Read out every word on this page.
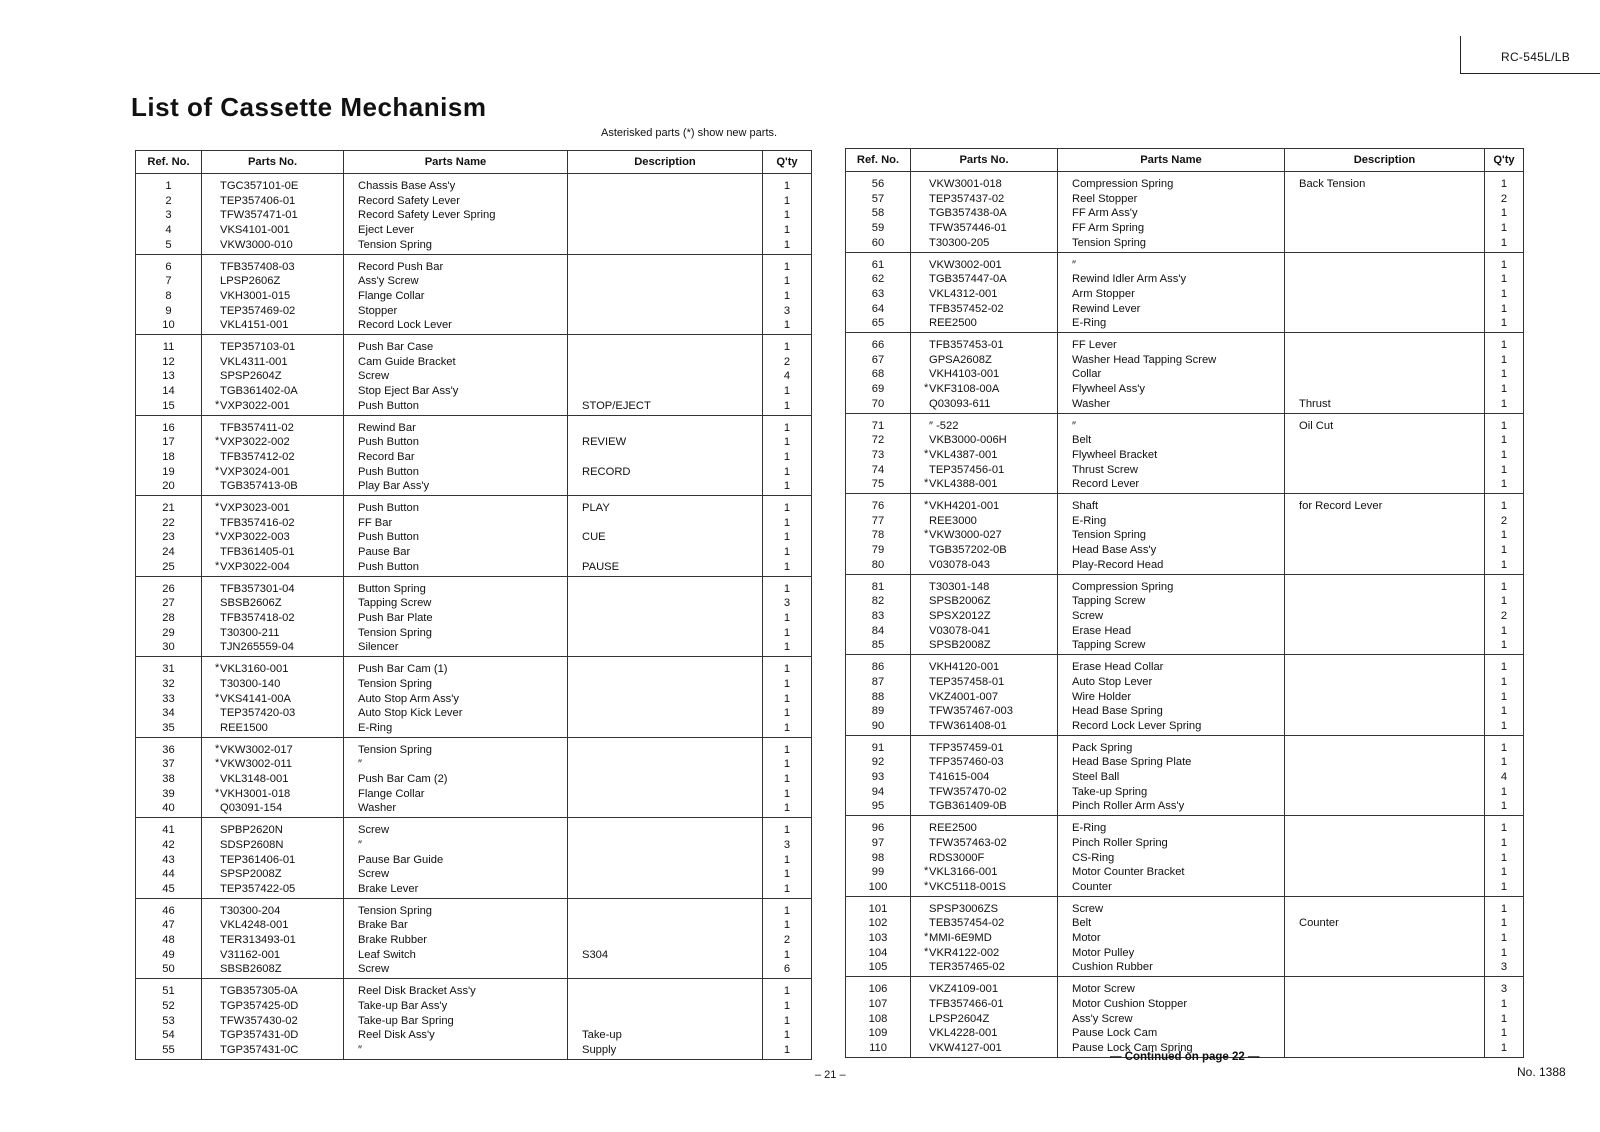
RC-545L/LB
List of Cassette Mechanism
Asterisked parts (*) show new parts.
Ref. No.	Parts No.	Parts Name	Description	Q'ty
1	TGC357101-0E	Chassis Base Ass'y		1
2	TEP357406-01	Record Safety Lever		1
3	TFW357471-01	Record Safety Lever Spring		1
4	VKS4101-001	Eject Lever		1
5	VKW3000-010	Tension Spring		1
6	TFB357408-03	Record Push Bar		1
7	LPSP2606Z	Ass'y Screw		1
8	VKH3001-015	Flange Collar		1
9	TEP357469-02	Stopper		3
10	VKL4151-001	Record Lock Lever		1
11	TEP357103-01	Push Bar Case		1
12	VKL4311-001	Cam Guide Bracket		2
13	SPSP2604Z	Screw		4
14	TGB361402-0A	Stop Eject Bar Ass'y		1
15	* VXP3022-001	Push Button	STOP/EJECT	1
16	TFB357411-02	Rewind Bar		1
17	* VXP3022-002	Push Button	REVIEW	1
18	TFB357412-02	Record Bar		1
19	* VXP3024-001	Push Button	RECORD	1
20	TGB357413-0B	Play Bar Ass'y		1
21	* VXP3023-001	Push Button	PLAY	1
22	TFB357416-02	FF Bar		1
23	* VXP3022-003	Push Button	CUE	1
24	TFB361405-01	Pause Bar		1
25	* VXP3022-004	Push Button	PAUSE	1
26	TFB357301-04	Button Spring		1
27	SBSB2606Z	Tapping Screw		3
28	TFB357418-02	Push Bar Plate		1
29	T30300-211	Tension Spring		1
30	TJN265559-04	Silencer		1
31	* VKL3160-001	Push Bar Cam (1)		1
32	T30300-140	Tension Spring		1
33	* VKS4141-00A	Auto Stop Arm Ass'y		1
34	TEP357420-03	Auto Stop Kick Lever		1
35	REE1500	E-Ring		1
36	* VKW3002-017	Tension Spring		1
37	* VKW3002-011	″		1
38	VKL3148-001	Push Bar Cam (2)		1
39	* VKH3001-018	Flange Collar		1
40	Q03091-154	Washer		1
41	SPBP2620N	Screw		1
42	SDSP2608N	″		3
43	TEP361406-01	Pause Bar Guide		1
44	SPSP2008Z	Screw		1
45	TEP357422-05	Brake Lever		1
46	T30300-204	Tension Spring		1
47	VKL4248-001	Brake Bar		1
48	TER313493-01	Brake Rubber		2
49	V31162-001	Leaf Switch	S304	1
50	SBSB2608Z	Screw		6
51	TGB357305-0A	Reel Disk Bracket Ass'y		1
52	TGP357425-0D	Take-up Bar Ass'y		1
53	TFW357430-02	Take-up Bar Spring		1
54	TGP357431-0D	Reel Disk Ass'y	Take-up	1
55	TGP357431-0C	″	Supply	1
Ref. No.	Parts No.	Parts Name	Description	Q'ty
56	VKW3001-018	Compression Spring	Back Tension	1
57	TEP357437-02	Reel Stopper		2
58	TGB357438-0A	FF Arm Ass'y		1
59	TFW357446-01	FF Arm Spring		1
60	T30300-205	Tension Spring		1
61	VKW3002-001	″		1
62	TGB357447-0A	Rewind Idler Arm Ass'y		1
63	VKL4312-001	Arm Stopper		1
64	TFB357452-02	Rewind Lever		1
65	REE2500	E-Ring		1
66	TFB357453-01	FF Lever		1
67	GPSA2608Z	Washer Head Tapping Screw		1
68	VKH4103-001	Collar		1
69	* VKF3108-00A	Flywheel Ass'y		1
70	Q03093-611	Washer	Thrust	1
71	″ -522	″	Oil Cut	1
72	VKB3000-006H	Belt		1
73	* VKL4387-001	Flywheel Bracket		1
74	TEP357456-01	Thrust Screw		1
75	* VKL4388-001	Record Lever		1
76	* VKH4201-001	Shaft	for Record Lever	1
77	REE3000	E-Ring		2
78	* VKW3000-027	Tension Spring		1
79	TGB357202-0B	Head Base Ass'y		1
80	V03078-043	Play-Record Head		1
81	T30301-148	Compression Spring		1
82	SPSB2006Z	Tapping Screw		1
83	SPSX2012Z	Screw		2
84	V03078-041	Erase Head		1
85	SPSB2008Z	Tapping Screw		1
86	VKH4120-001	Erase Head Collar		1
87	TEP357458-01	Auto Stop Lever		1
88	VKZ4001-007	Wire Holder		1
89	TFW357467-003	Head Base Spring		1
90	TFW361408-01	Record Lock Lever Spring		1
91	TFP357459-01	Pack Spring		1
92	TFP357460-03	Head Base Spring Plate		1
93	T41615-004	Steel Ball		4
94	TFW357470-02	Take-up Spring		1
95	TGB361409-0B	Pinch Roller Arm Ass'y		1
96	REE2500	E-Ring		1
97	TFW357463-02	Pinch Roller Spring		1
98	RDS3000F	CS-Ring		1
99	* VKL3166-001	Motor Counter Bracket		1
100	* VKC5118-001S	Counter		1
101	SPSP3006ZS	Screw		1
102	TEB357454-02	Belt	Counter	1
103	* MMI-6E9MD	Motor		1
104	* VKR4122-002	Motor Pulley		1
105	TER357465-02	Cushion Rubber		3
106	VKZ4109-001	Motor Screw		3
107	TFB357466-01	Motor Cushion Stopper		1
108	LPSP2604Z	Ass'y Screw		1
109	VKL4228-001	Pause Lock Cam		1
110	VKW4127-001	Pause Lock Cam Spring		1
— Continued on page 22 —
– 21 –	No. 1388
